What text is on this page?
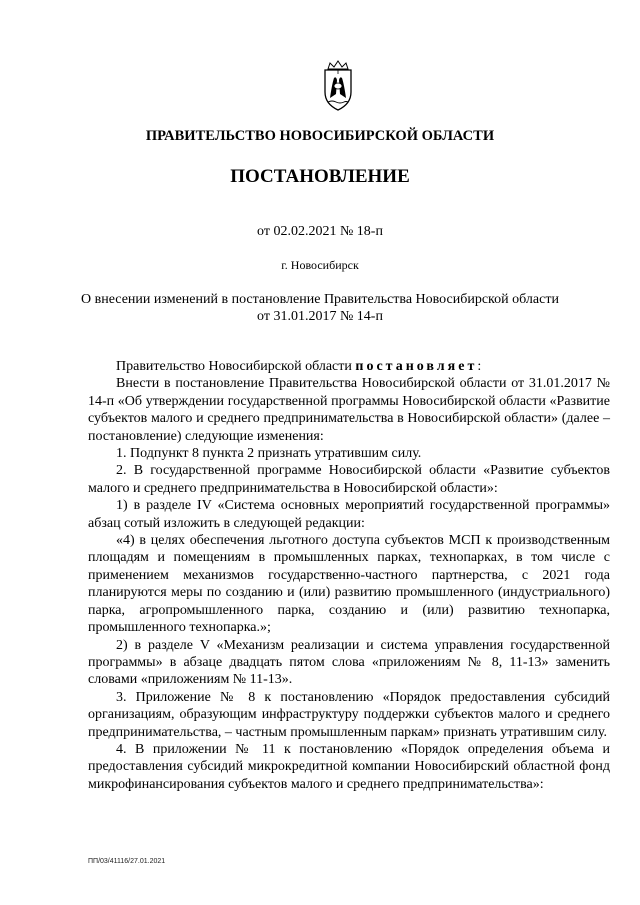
ПРАВИТЕЛЬСТВО НОВОСИБИРСКОЙ ОБЛАСТИ
ПОСТАНОВЛЕНИЕ
от 02.02.2021 № 18-п
г. Новосибирск
О внесении изменений в постановление Правительства Новосибирской области
от 31.01.2017 № 14-п

Правительство Новосибирской области постановляет:

Внести в постановление Правительства Новосибирской области от 31.01.2017 № 14-п «Об утверждении государственной программы Новосибирской области «Развитие субъектов малого и среднего предпринимательства в Новосибирской области» (далее – постановление) следующие изменения:

1. Подпункт 8 пункта 2 признать утратившим силу.

2. В государственной программе Новосибирской области «Развитие субъектов малого и среднего предпринимательства в Новосибирской области»:

1) в разделе IV «Система основных мероприятий государственной программы» абзац сотый изложить в следующей редакции:

«4) в целях обеспечения льготного доступа субъектов МСП к производственным площадям и помещениям в промышленных парках, технопарках, в том числе с применением механизмов государственно-частного партнерства, с 2021 года планируются меры по созданию и (или) развитию промышленного (индустриального) парка, агропромышленного парка, созданию и (или) развитию технопарка, промышленного технопарка.»;

2) в разделе V «Механизм реализации и система управления государственной программы» в абзаце двадцать пятом слова «приложениям № 8, 11-13» заменить словами «приложениям № 11-13».

3. Приложение № 8 к постановлению «Порядок предоставления субсидий организациям, образующим инфраструктуру поддержки субъектов малого и среднего предпринимательства, – частным промышленным паркам» признать утратившим силу.

4. В приложении № 11 к постановлению «Порядок определения объема и предоставления субсидий микрокредитной компании Новосибирский областной фонд микрофинансирования субъектов малого и среднего предпринимательства»:

ПП/03/41116/27.01.2021
